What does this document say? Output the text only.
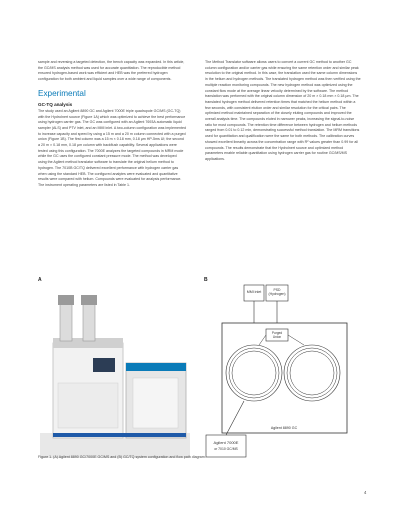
sample and reversing a targeted detection, the bench capacity was expanded. In this article, the GC/MS analysis method was used for accurate quantitation. The reproducible method ensured hydrogen-based work was efficient and HEB was the preferred hydrogen configuration for both ambient and liquid samples over a wide range of components.

Experimental
GC-TQ analysis

The study used an Agilent 8890 GC and Agilent 7000E triple quadrupole GC/MS (GC-TQ) with the HydroInert source (Figure 1A) which was optimized to achieve the best performance using hydrogen carrier gas. The GC was configured with an Agilent 7693A automatic liquid sampler (ALS) and PTV inlet, and an MMI inlet. A two-column configuration was implemented to increase capacity and speed by using a 15 m and a 20 m column connected with a purged union (Figure 1B). The first column was a 15 m × 0.18 mm, 0.18 µm HP-5ms UI; the second a 20 m × 0.18 mm, 0.18 µm column with backflush capability. Several applications were tested using this configuration. The 7000E analyzes the targeted compounds in MRM mode while the GC uses the configured constant pressure mode. The method was developed using the Agilent method translator software to translate the original helium method to hydrogen. The 7010B GC/TQ delivered excellent performance with hydrogen carrier gas when using the standard HEB. The configured analytes were evaluated and quantitative results were compared with helium. Compounds were evaluated for analysis performance. The instrument operating parameters are listed in Table 1.

The Method Translator software allows users to convert a current GC method to another GC column configuration and/or carrier gas while ensuring the same retention order and similar peak resolution to the original method. In this case, the translation used the same column dimensions in the helium and hydrogen methods. The translated hydrogen method was then verified using the multiple reaction monitoring compounds. The new hydrogen method was optimized using the constant flow mode at the average linear velocity determined by the software. The method translation was performed with the original column dimension of 20 m × 0.18 mm × 0.18 µm. The translated hydrogen method delivered retention times that matched the helium method within a few seconds, with consistent elution order and similar resolution for the critical pairs. The optimized method maintained separation of the closely eluting compounds and improved the overall analysis time. The compounds eluted in narrower peaks, increasing the signal-to-noise ratio for most compounds. The retention time difference between hydrogen and helium methods ranged from 0.01 to 0.12 min, demonstrating successful method translation. The MRM transitions used for quantitation and qualification were the same for both methods. The calibration curves showed excellent linearity across the concentration range with R² values greater than 0.99 for all compounds. The results demonstrate that the HydroInert source and optimized method parameters enable reliable quantitation using hydrogen carrier gas for routine GC/MS/MS applications.

A	B
MMI inlet	PSD (Hydrogen)
Purged Union
Agilent 8890 GC
Agilent 7000E
or 7010 GC/MS
Figure 1. (A) Agilent 8890 GC/7000E GC/MS and (B) GC/TQ system configuration and flow path diagram.
4
